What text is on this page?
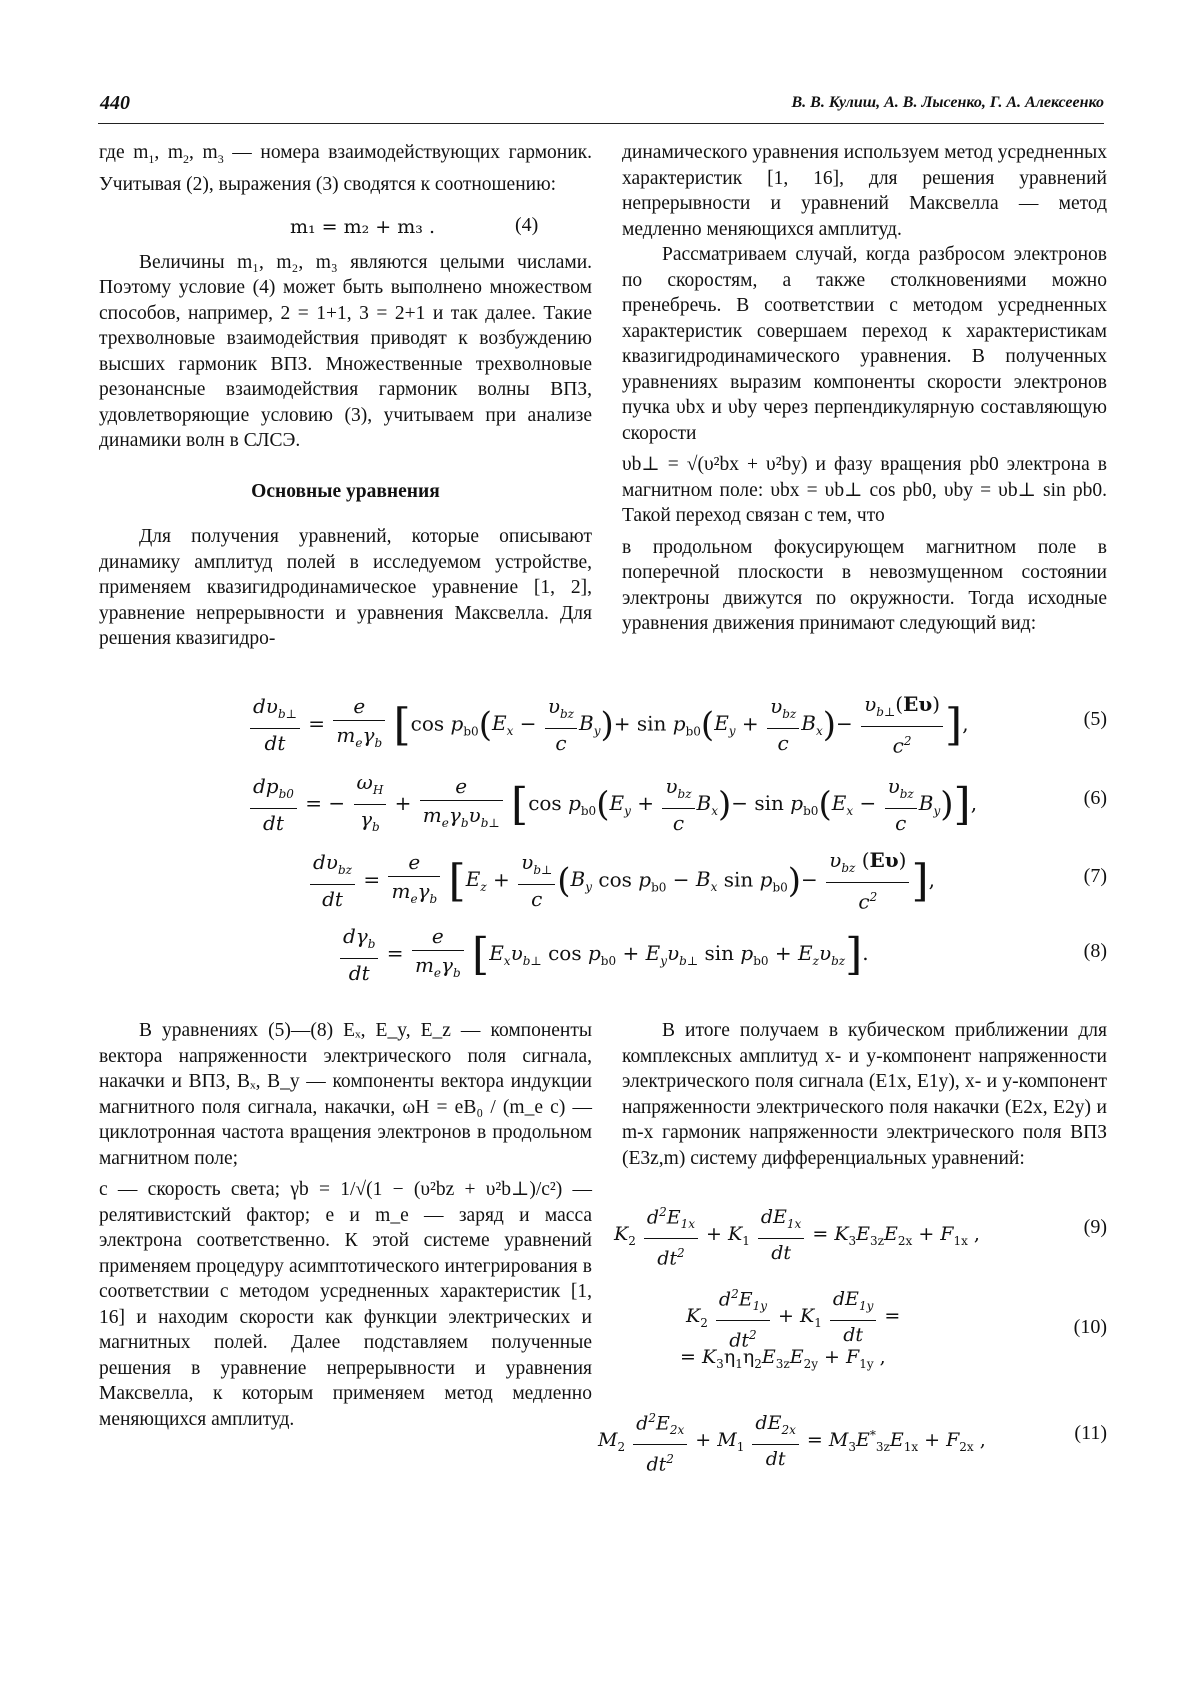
440	В. В. Кулиш, А. В. Лысенко, Г. А. Алексеенко

где $m_1$, $m_2$, $m_3$ — номера взаимодействующих гармоник. Учитывая (2), выражения (3) сводятся к соотношению:

Величины m₁, m₂, m₃ являются целыми числами. Поэтому условие (4) может быть выполнено множеством способов, например, 2 = 1+1, 3 = 2+1 и так далее. Такие трехволновые взаимодействия приводят к возбуждению высших гармоник ВПЗ. Множественные трехволновые резонансные взаимодействия гармоник волны ВПЗ, удовлетворяющие условию (3), учитываем при анализе динамики волн в СЛСЭ.

Основные уравнения

Для получения уравнений, которые описывают динамику амплитуд полей в исследуемом устройстве, применяем квазигидродинамическое уравнение [1, 2], уравнение непрерывности и уравнения Максвелла. Для решения квазигидро-

m₁ = m₂ + m₃ .	(4)

динамического уравнения используем метод усредненных характеристик [1, 16], для решения уравнений непрерывности и уравнений Максвелла — метод медленно меняющихся амплитуд.

Рассматриваем случай, когда разбросом электронов по скоростям, а также столкновениями можно пренебречь. В соответствии с методом усредненных характеристик совершаем переход к характеристикам квазигидродинамического уравнения. В полученных уравнениях выразим компоненты скорости электронов пучка υbx и υby через перпендикулярную составляющую скорости

υb⊥ = √(υ²bx + υ²by) и фазу вращения pb0 электрона в магнитном поле: υbx = υb⊥ cos pb0, υby = υb⊥ sin pb0. Такой переход связан с тем, что

в продольном фокусирующем магнитном поле в поперечной плоскости в невозмущенном состоянии электроны движутся по окружности. Тогда исходные уравнения движения принимают следующий вид:

$d\upsilon_{b\perp}$
dt
=
e
$m_e\gamma_b$ [cos $p_{b0}(E_x$ −
$\upsilon_{bz}$
c
$B_y)+ \sin p_{b0}(E_y$ +
$\upsilon_{bz}$
c
$B_x)- \frac{\upsilon_{b\perp}(E\upsilon)}{c^2}$ ],	(5)
$dp_{b0}$
dt
= − $\frac{\omega_H}{\gamma_b}$ +
e
$m_e\gamma_b\upsilon_{b\perp}$ [cos $p_{b0}(E_y$ +
$\upsilon_{bz}$
c
$B_x)- \sin p_{b0}(E_x$ −
$\upsilon_{bz}$
c
$B_y$)],	(6)
$d\upsilon_{bz}$
dt
=
e
$m_e\gamma_b$ [$E_z + \frac{\upsilon_{b\perp}}{c} (B_y$ $\cos p_{b0} - B_x$ $\sin p_{b0})-$
$\upsilon_{bz}$ (Eυ)
$c^2$ ],	(7)
$d\gamma_b$
dt
=
e
$m_e\gamma_b$ [$E_x\upsilon_{b\perp}$ $\cos p_{b0} + E_y\upsilon_{b\perp}$ $\sin p_{b0} + E_z\upsilon_{bz}$].	(8)

В уравнениях (5)—(8) Eₓ, E_y, E_z — компоненты вектора напряженности электрического поля сигнала, накачки и ВПЗ, Bₓ, B_y — компоненты вектора индукции магнитного поля сигнала, накачки, ωH = eB₀ / (m_e c) — циклотронная частота вращения электронов в продольном магнитном поле;

c — скорость света; γb = 1/√(1 − (υ²bz + υ²b⊥)/c²) — релятивистский фактор; e и m_e — заряд и масса электрона соответственно. К этой системе уравнений применяем процедуру асимптотического интегрирования в соответствии с методом усредненных характеристик [1, 16] и находим скорости как функции электрических и магнитных полей. Далее подставляем полученные решения в уравнение непрерывности и уравнения Максвелла, к которым применяем метод медленно меняющихся амплитуд.

В итоге получаем в кубическом приближении для комплексных амплитуд x- и y-компонент напряженности электрического поля сигнала (E1x, E1y), x- и y-компонент напряженности электрического поля накачки (E2x, E2y) и m-х гармоник напряженности электрического поля ВПЗ (E3z,m) систему дифференциальных уравнений:

$K_2 \frac{d^2E_{1x}}{dt^2} + K_1 \frac{dE_{1x}}{dt} = K_3E_{3z}E_{2x} + F_{1x}$ ,	(9)
$K_2 \frac{d^2E_{1y}}{dt^2} + K_1 \frac{dE_{1y}}{dt}$ =
= $K_3\eta_1\eta_2E_{3z}E_{2y} + F_{1y}$ ,
(10)
$M_2 \frac{d^2E_{2x}}{dt^2} + M_1 \frac{dE_{2x}}{dt} = M_3E^*_{3z}E_{1x} + F_{2x}$ ,	(11)
